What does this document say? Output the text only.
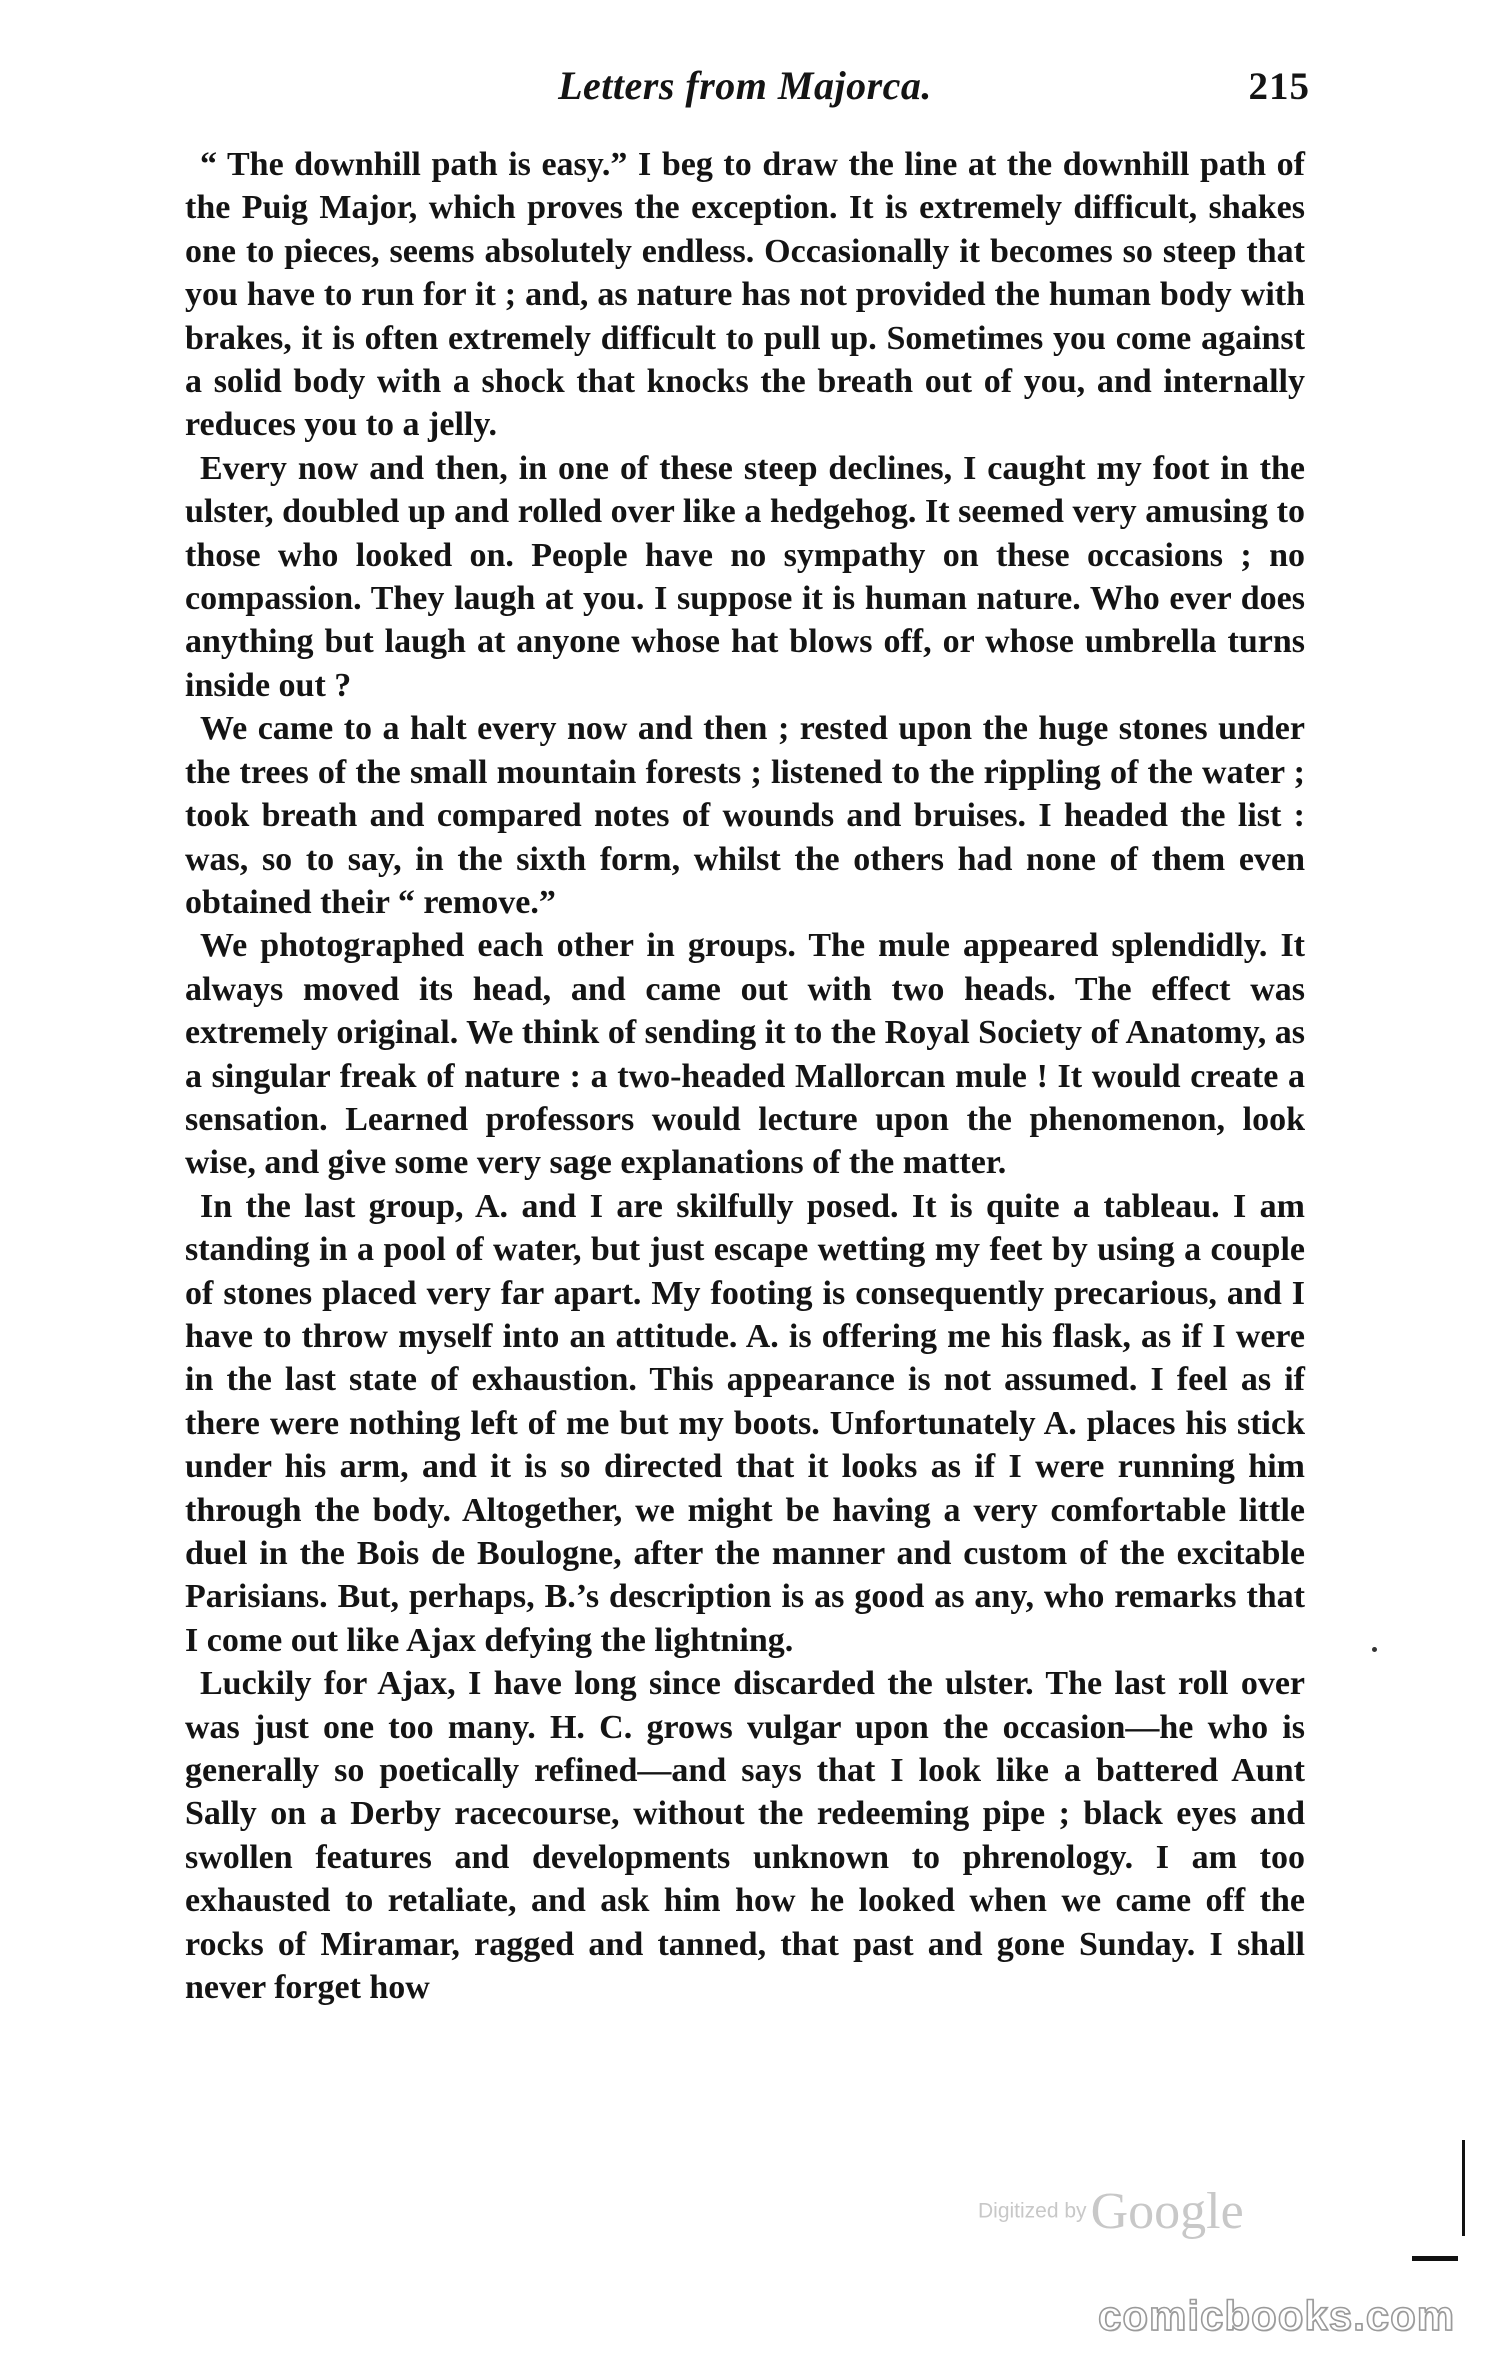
Letters from Majorca.	215

“ The downhill path is easy.” I beg to draw the line at the downhill path of the Puig Major, which proves the exception. It is extremely difficult, shakes one to pieces, seems absolutely endless. Occasionally it becomes so steep that you have to run for it ; and, as nature has not provided the human body with brakes, it is often extremely difficult to pull up. Sometimes you come against a solid body with a shock that knocks the breath out of you, and internally reduces you to a jelly.

Every now and then, in one of these steep declines, I caught my foot in the ulster, doubled up and rolled over like a hedgehog. It seemed very amusing to those who looked on. People have no sympathy on these occasions ; no compassion. They laugh at you. I suppose it is human nature. Who ever does anything but laugh at anyone whose hat blows off, or whose umbrella turns inside out ?

We came to a halt every now and then ; rested upon the huge stones under the trees of the small mountain forests ; listened to the rippling of the water ; took breath and compared notes of wounds and bruises. I headed the list : was, so to say, in the sixth form, whilst the others had none of them even obtained their “ remove.”

We photographed each other in groups. The mule appeared splendidly. It always moved its head, and came out with two heads. The effect was extremely original. We think of sending it to the Royal Society of Anatomy, as a singular freak of nature : a two-headed Mallorcan mule ! It would create a sensation. Learned professors would lecture upon the phenomenon, look wise, and give some very sage explanations of the matter.

In the last group, A. and I are skilfully posed. It is quite a tableau. I am standing in a pool of water, but just escape wetting my feet by using a couple of stones placed very far apart. My footing is consequently precarious, and I have to throw myself into an attitude. A. is offering me his flask, as if I were in the last state of exhaustion. This appearance is not assumed. I feel as if there were nothing left of me but my boots. Unfortunately A. places his stick under his arm, and it is so directed that it looks as if I were running him through the body. Altogether, we might be having a very comfortable little duel in the Bois de Boulogne, after the manner and custom of the excitable Parisians. But, perhaps, B.’s description is as good as any, who remarks that I come out like Ajax defying the lightning.

Luckily for Ajax, I have long since discarded the ulster. The last roll over was just one too many. H. C. grows vulgar upon the occasion—he who is generally so poetically refined—and says that I look like a battered Aunt Sally on a Derby racecourse, without the redeeming pipe ; black eyes and swollen features and developments unknown to phrenology. I am too exhausted to retaliate, and ask him how he looked when we came off the rocks of Miramar, ragged and tanned, that past and gone Sunday. I shall never forget how

Digitized byGoogle
comicbooks.com
